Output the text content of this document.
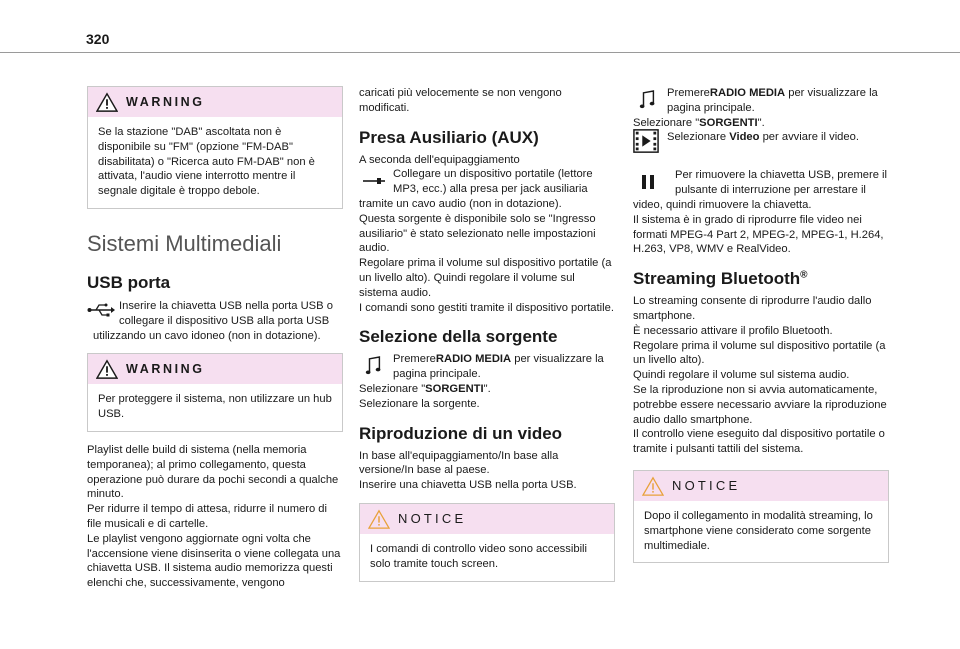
320
WARNING
Se la stazione "DAB" ascoltata non è disponibile su "FM" (opzione "FM-DAB" disabilitata) o "Ricerca auto FM-DAB" non è attivata, l'audio viene interrotto mentre il segnale digitale è troppo debole.
Sistemi Multimediali
USB porta
Inserire la chiavetta USB nella porta USB o collegare il dispositivo USB alla porta USB utilizzando un cavo idoneo (non in dotazione).
WARNING
Per proteggere il sistema, non utilizzare un hub USB.
Playlist delle build di sistema (nella memoria temporanea); al primo collegamento, questa operazione può durare da pochi secondi a qualche minuto.
Per ridurre il tempo di attesa, ridurre il numero di file musicali e di cartelle.
Le playlist vengono aggiornate ogni volta che l'accensione viene disinserita o viene collegata una chiavetta USB. Il sistema audio memorizza questi elenchi che, successivamente, vengono
caricati più velocemente se non vengono modificati.
Presa Ausiliario (AUX)
A seconda dell'equipaggiamento
Collegare un dispositivo portatile (lettore MP3, ecc.) alla presa per jack ausiliaria tramite un cavo audio (non in dotazione).
Questa sorgente è disponibile solo se "Ingresso ausiliario" è stato selezionato nelle impostazioni audio.
Regolare prima il volume sul dispositivo portatile (a un livello alto). Quindi regolare il volume sul sistema audio.
I comandi sono gestiti tramite il dispositivo portatile.
Selezione della sorgente
PremereRADIO MEDIA per visualizzare la pagina principale.
Selezionare "SORGENTI".
Selezionare la sorgente.
Riproduzione di un video
In base all'equipaggiamento/In base alla versione/In base al paese.
Inserire una chiavetta USB nella porta USB.
NOTICE
I comandi di controllo video sono accessibili solo tramite touch screen.
PremereRADIO MEDIA per visualizzare la pagina principale.
Selezionare "SORGENTI".
Selezionare Video per avviare il video.
Per rimuovere la chiavetta USB, premere il pulsante di interruzione per arrestare il video, quindi rimuovere la chiavetta.
Il sistema è in grado di riprodurre file video nei formati MPEG-4 Part 2, MPEG-2, MPEG-1, H.264, H.263, VP8, WMV e RealVideo.
Streaming Bluetooth®
Lo streaming consente di riprodurre l'audio dallo smartphone.
È necessario attivare il profilo Bluetooth.
Regolare prima il volume sul dispositivo portatile (a un livello alto).
Quindi regolare il volume sul sistema audio.
Se la riproduzione non si avvia automaticamente, potrebbe essere necessario avviare la riproduzione audio dallo smartphone.
Il controllo viene eseguito dal dispositivo portatile o tramite i pulsanti tattili del sistema.
NOTICE
Dopo il collegamento in modalità streaming, lo smartphone viene considerato come sorgente multimediale.
